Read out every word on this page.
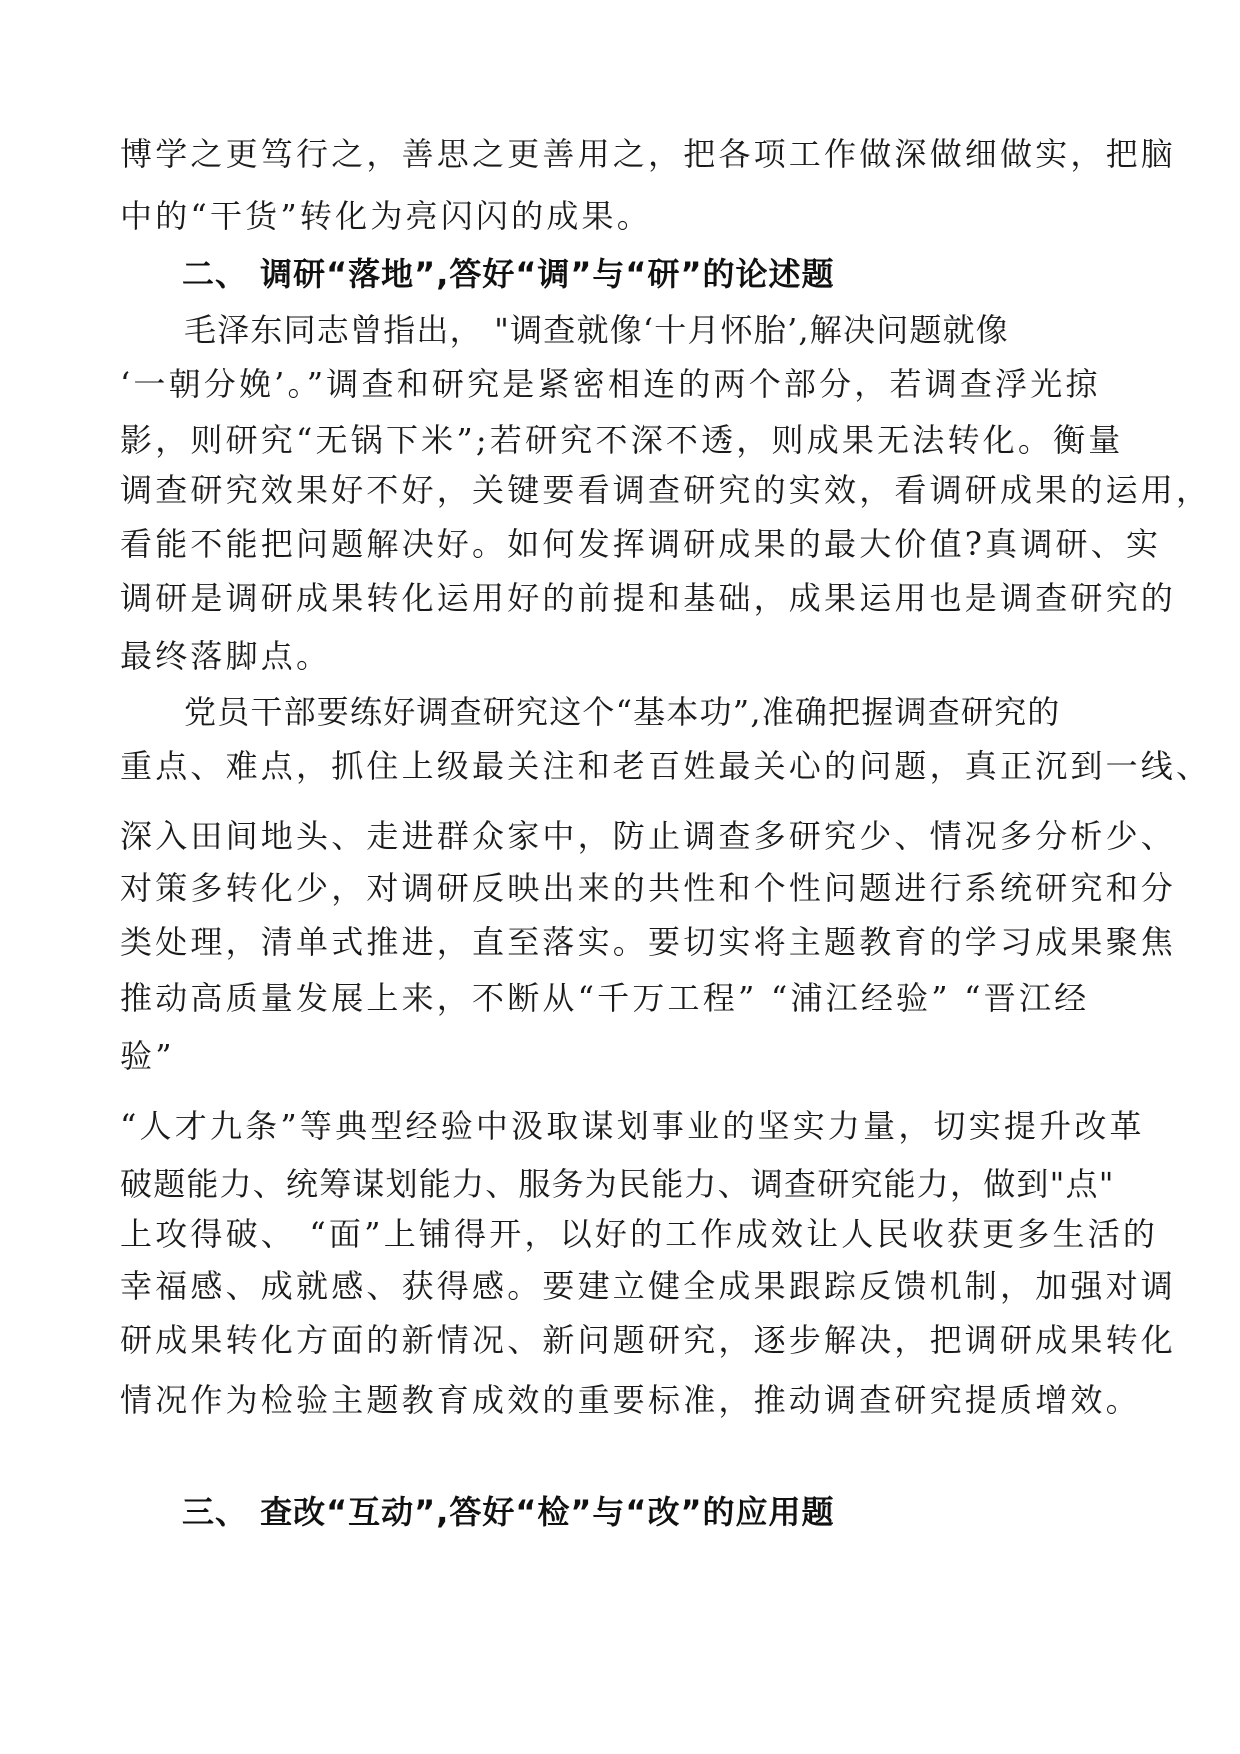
博学之更笃行之，善思之更善用之，把各项工作做深做细做实，把脑
中的“干货”转化为亮闪闪的成果。
二、 调研“落地”,答好“调”与“研”的论述题
毛泽东同志曾指出， "调查就像‘十月怀胎’,解决问题就像
‘一朝分娩’。”调查和研究是紧密相连的两个部分，若调查浮光掠
影，则研究“无锅下米”;若研究不深不透，则成果无法转化。衡量
调查研究效果好不好，关键要看调查研究的实效，看调研成果的运用，
看能不能把问题解决好。如何发挥调研成果的最大价值?真调研、实
调研是调研成果转化运用好的前提和基础，成果运用也是调查研究的
最终落脚点。
党员干部要练好调查研究这个“基本功”,准确把握调查研究的
重点、难点，抓住上级最关注和老百姓最关心的问题，真正沉到一线、
深入田间地头、走进群众家中，防止调查多研究少、情况多分析少、
对策多转化少，对调研反映出来的共性和个性问题进行系统研究和分
类处理，清单式推进，直至落实。要切实将主题教育的学习成果聚焦
推动高质量发展上来，不断从“千万工程” “浦江经验” “晋江经
验”
“人才九条”等典型经验中汲取谋划事业的坚实力量，切实提升改革
破题能力、统筹谋划能力、服务为民能力、调查研究能力，做到"点"
上攻得破、 “面”上铺得开，以好的工作成效让人民收获更多生活的
幸福感、成就感、获得感。要建立健全成果跟踪反馈机制，加强对调
研成果转化方面的新情况、新问题研究，逐步解决，把调研成果转化
情况作为检验主题教育成效的重要标准，推动调查研究提质增效。
三、 查改“互动”,答好“检”与“改”的应用题
